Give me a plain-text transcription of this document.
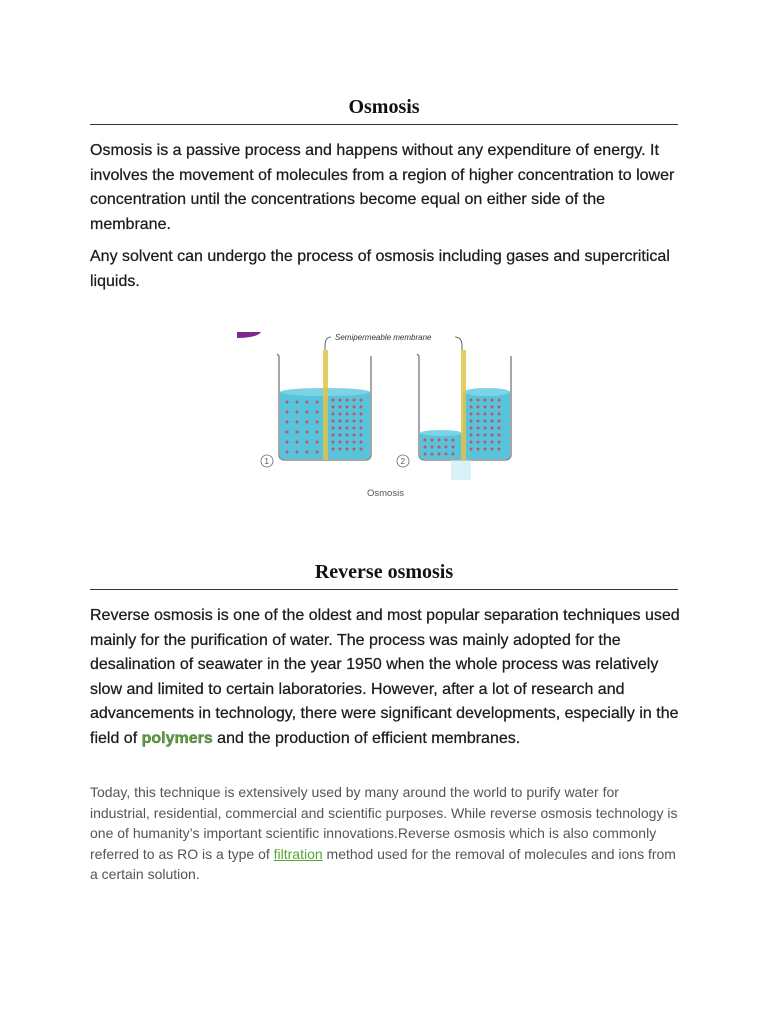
Osmosis

Osmosis is a passive process and happens without any expenditure of energy. It involves the movement of molecules from a region of higher concentration to lower concentration until the concentrations become equal on either side of the membrane.

Any solvent can undergo the process of osmosis including gases and supercritical liquids.

Reverse osmosis

Reverse osmosis is one of the oldest and most popular separation techniques used mainly for the purification of water. The process was mainly adopted for the desalination of seawater in the year 1950 when the whole process was relatively slow and limited to certain laboratories. However, after a lot of research and advancements in technology, there were significant developments, especially in the field of polymers and the production of efficient membranes.

Today, this technique is extensively used by many around the world to purify water for industrial, residential, commercial and scientific purposes. While reverse osmosis technology is one of humanity’s important scientific innovations.Reverse osmosis which is also commonly referred to as RO is a type of filtration method used for the removal of molecules and ions from a certain solution.

Semipermeable membrane
1	2
Osmosis
